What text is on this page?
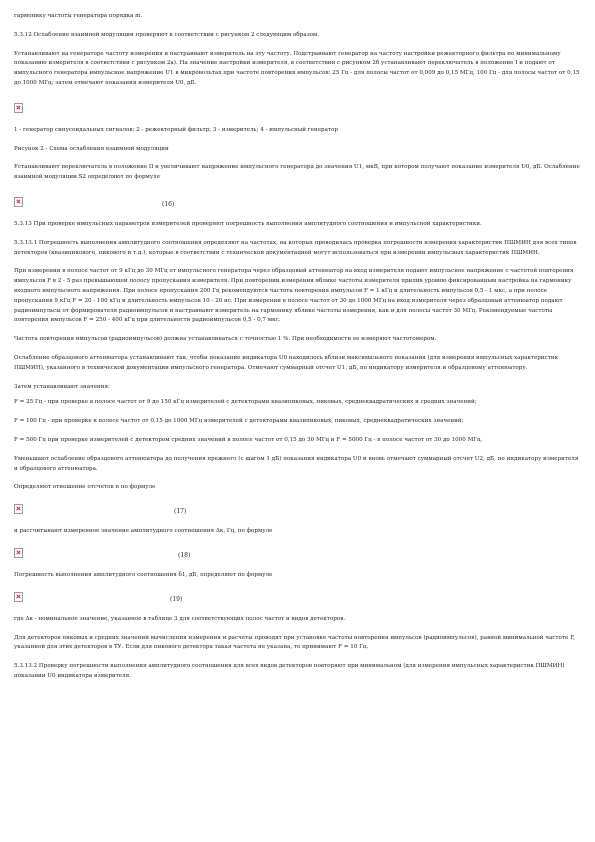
гармонику частоты генератора порядка m.

5.3.12 Ослабление взаимной модуляции проверяют в соответствии с рисунком 2 следующим образом.

Устанавливают на генераторе частоту измерения и настраивают измеритель на эту частоту. Подстраивают генератор на частоту настройки режекторного фильтра по минимальному показанию измерителя в соответствии с рисунком 2а). На значение настройки измерителя, в соответствии с рисунком 2б устанавливают переключатель в положение I и подают от импульсного генератора импульсное напряжение U1 в микровольтах при частоте повторения импульсов: 25 Гц - для полосы частот от 0,009 до 0,15 МГц, 100 Гц - для полосы частот от 0,15 до 1000 МГц; затем отмечают показания измерителя U0, дБ.

1 - генератор синусоидальных сигналов; 2 - режекторный фильтр; 3 - измеритель; 4 - импульсный генератор

Рисунок 2 - Схема ослабления взаимной модуляции

Устанавливают переключатель в положение II и увеличивают напряжение импульсного генератора до значения U1, мкВ, при котором получают показание измерителя U0, дБ. Ослабление взаимной модуляции S2 определяют по формуле

(16)

5.3.13 При проверке импульсных параметров измерителей проверяют погрешность выполнения амплитудного соотношения и импульсной характеристики.

5.3.13.1 Погрешность выполнения амплитудного соотношения определяют на частотах, на которых проводилась проверка погрешности измерения характеристик ПШМИН для всех типов детекторов (квазипикового, пикового и т.д.), которые в соответствии с технической документацией могут использоваться при измерении импульсных характеристик ПШМИН.

При измерении в полосе частот от 9 кГц до 30 МГц от импульсного генератора через образцовый аттенюатор на вход измерителя подают импульсное напряжение с частотой повторения импульсов F в 2 - 5 раз превышающей полосу пропускания измерителя. При повторении измерения яблике частоты измерителя прилив уровню фиксированным настройка на гармонику входного импульсного напряжения. При полосе пропускания 200 Гц рекомендуются частота повторения импульсов F = 1 кГц и длительность импульсов 0,5 - 1 мкс, а при полосе пропускания 9 кГц F = 20 - 100 кГц и длительность импульсов 10 - 20 нс. При измерении в полосе частот от 30 до 1000 МГц на вход измерителя через образцовый аттенюатор подают радиоимпульсы от формирователя радиоимпульсов и настраивают измеритель на гармонику яблике частоты измерения, как и для полосы частот 30 МГц. Рекомендуемые частоты повторения импульсов F = 250 - 400 кГц при длительности радиоимпульсов 0,5 - 0,7 мкс.

Частота повторения импульсов (радиоимпульсов) должна устанавливаться с точностью 1 %. При необходимости ее измеряют частотомером.

Ослабление образцового аттенюатора устанавливают так, чтобы показание индикатора U0 находилось вблизи максимального показания (для измерения импульсных характеристик ПШМИН), указанного в технической документации импульсного генератора. Отмечают суммарный отсчет U1, дБ, по индикатору измерителя и образцовому аттенюатору.

Затем устанавливают значения:

F = 25 Гц - при проверке в полосе частот от 9 до 150 кГц измерителей с детекторами квазипиковых, пиковых, среднеквадратических и средних значений;

F = 100 Гц - при проверке в полосе частот от 0,15 до 1000 МГц измерителей с детекторами квазипиковых, пиковых, среднеквадратических значений;

F = 500 Гц при проверке измерителей с детектором средних значений в полосе частот от 0,15 до 30 МГц и F = 5000 Гц - в полосе частот от 30 до 1000 МГц.

Уменьшают ослабление образцового аттенюатора до получения прежнего (с шагом 1 дБ) показания индикатора U0 и вновь отмечают суммарный отсчет U2, дБ, по индикатору измерителя и образцового аттенюатора.

Определяют отношение отсчетов n по формуле

(17)

и рассчитывают измеренное значение амплитудного соотношения Δк, Гц, по формуле

(18)

Погрешность выполнения амплитудного соотношения δ1, дБ, определяют по формуле

(19)

где Δк - номинальное значение, указанное в таблице 3 для соответствующих полос частот и видов детекторов.

Для детекторов пиковых и средних значений вычисления измерения и расчеты проводят при установке частоты повторения импульсов (радиоимпульсов), равной минимальной частоте F, указанной для этих детекторов в ТУ. Если для пикового детектора такая частота не указана, то принимают F = 10 Гц.

5.3.13.2 Проверку погрешности выполнения амплитудного соотношения для всех видов детекторов повторяют при минимальном (для измерения импульсных характеристик ПШМИН) показании U0 индикатора измерителя.
